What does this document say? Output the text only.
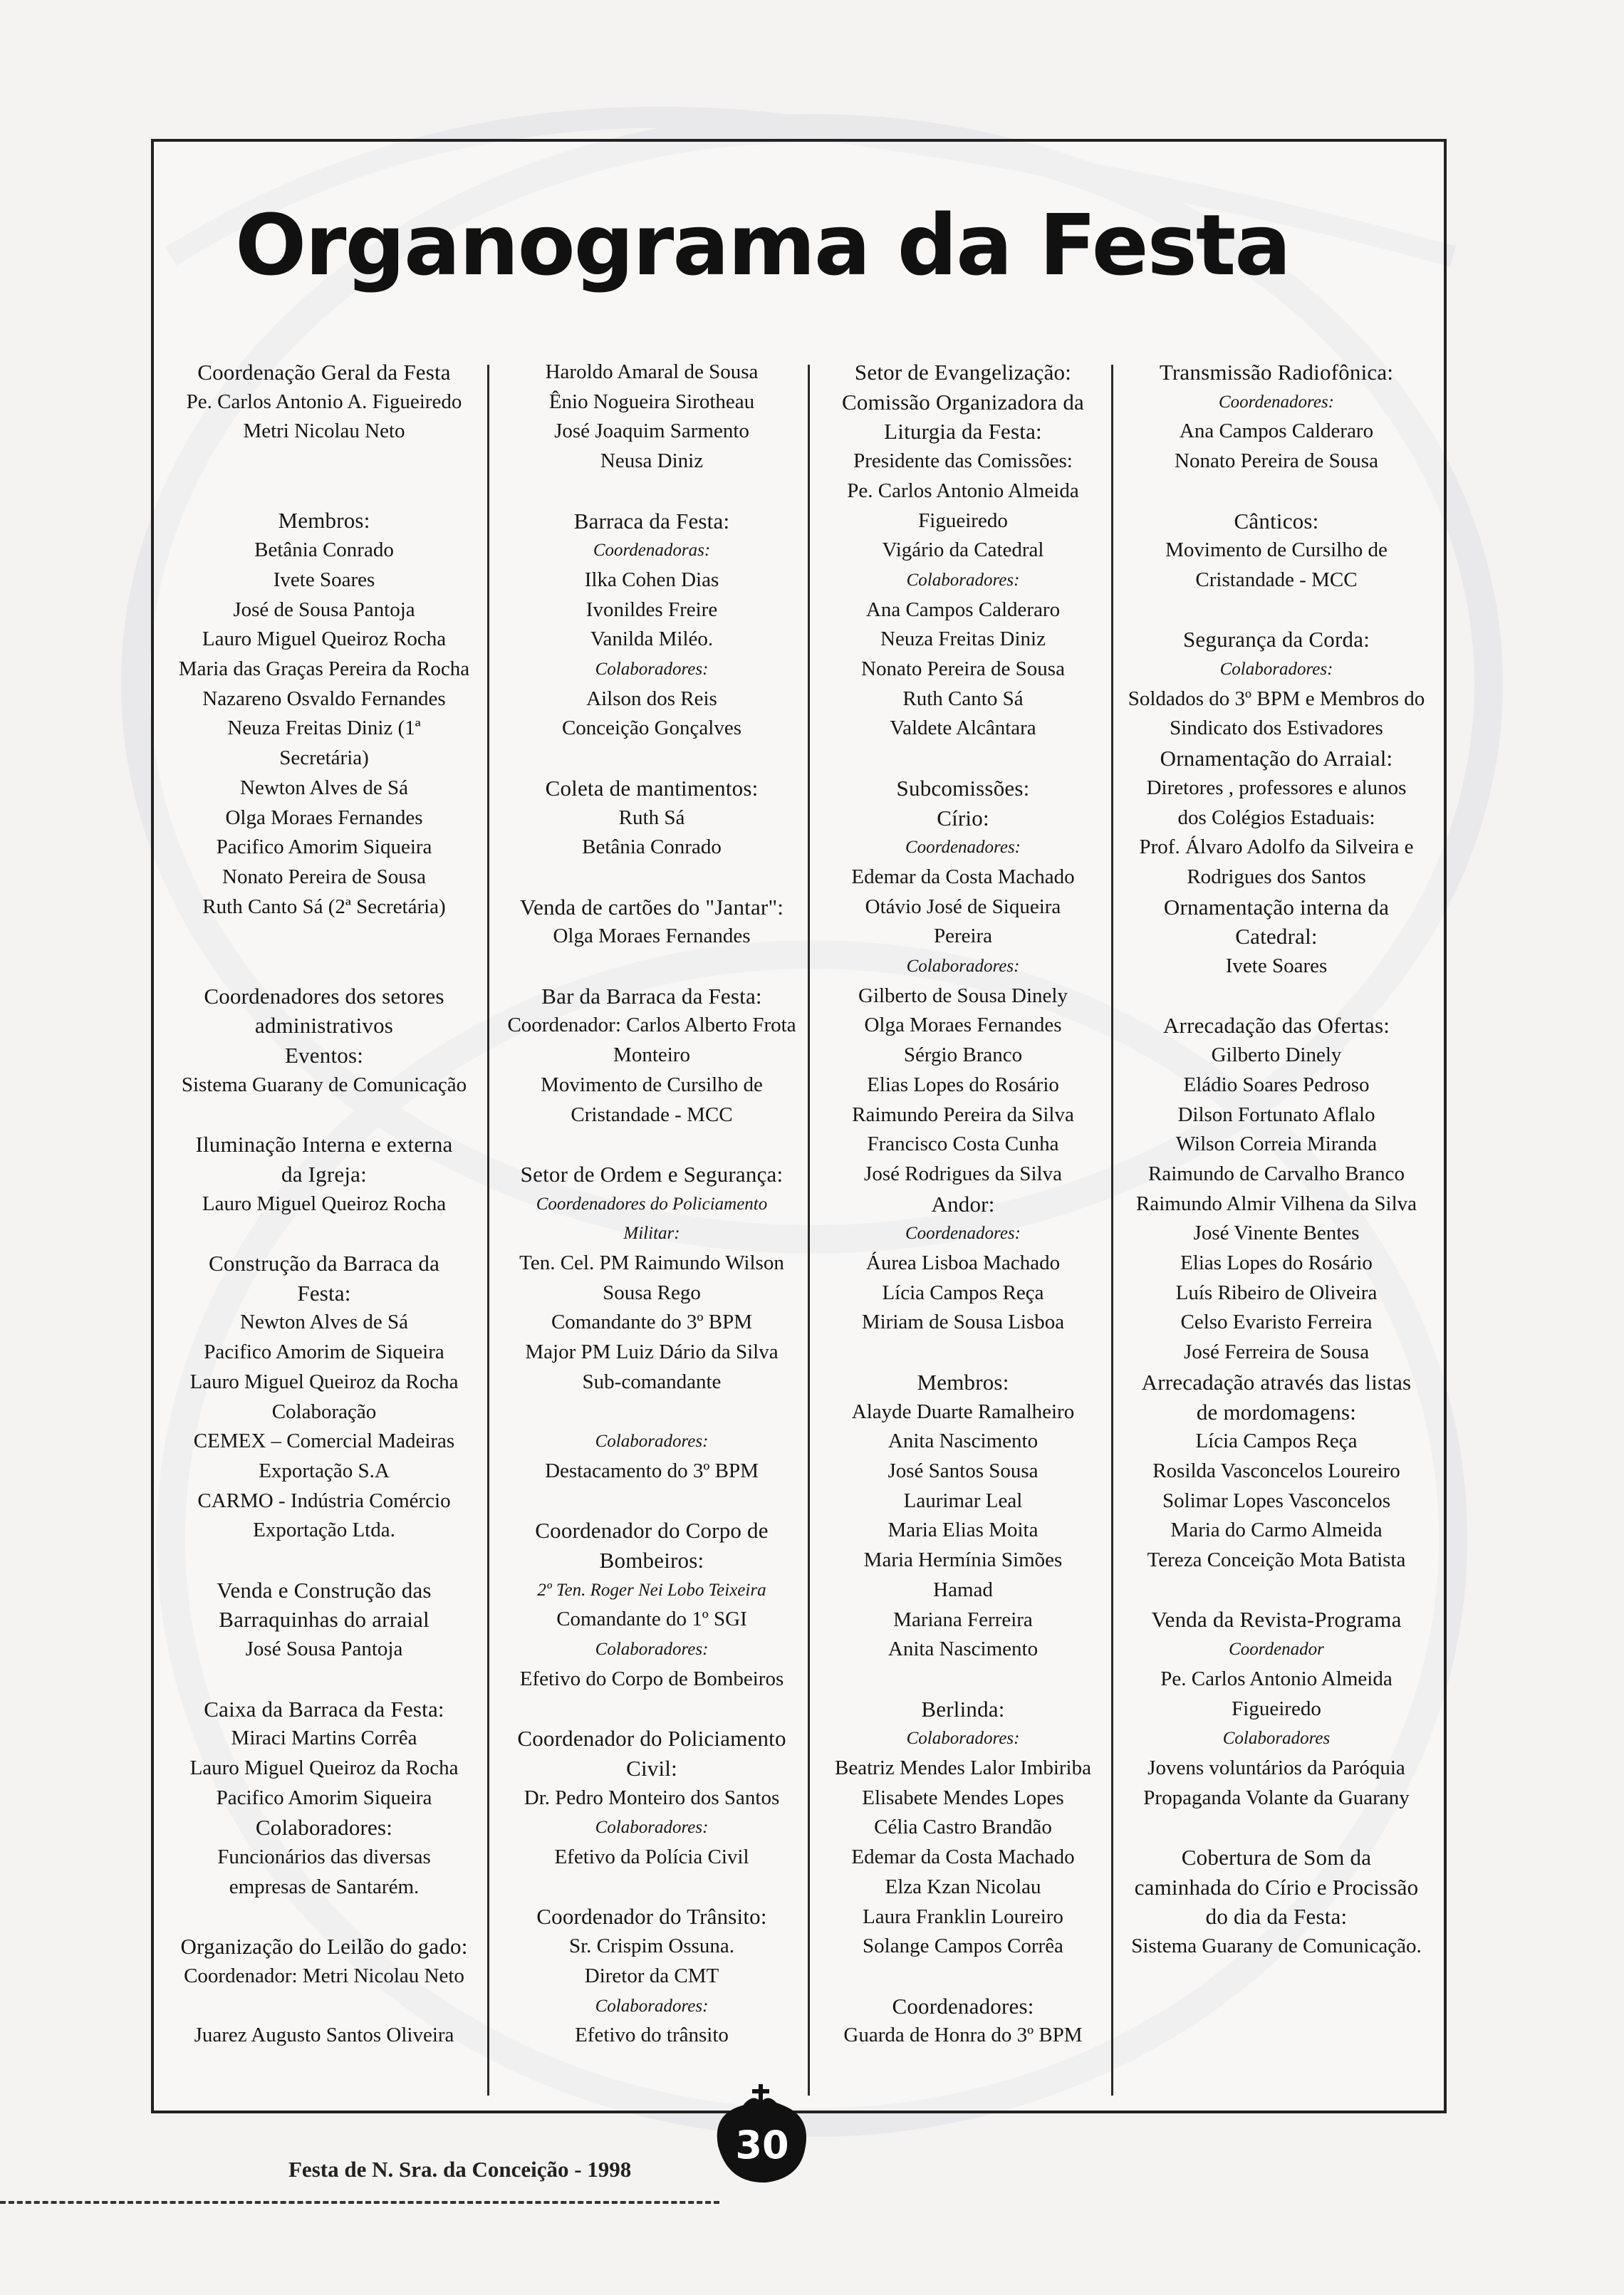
Organograma da Festa
Coordenação Geral da Festa
Pe. Carlos Antonio A. Figueiredo
Metri Nicolau Neto
Membros:
Betânia Conrado
Ivete Soares
José de Sousa Pantoja
Lauro Miguel Queiroz Rocha
Maria das Graças Pereira da Rocha
Nazareno Osvaldo Fernandes
Neuza Freitas Diniz (1ª
Secretária)
Newton Alves de Sá
Olga Moraes Fernandes
Pacifico Amorim Siqueira
Nonato Pereira de Sousa
Ruth Canto Sá (2ª Secretária)
Coordenadores dos setores
administrativos
Eventos:
Sistema Guarany de Comunicação
Iluminação Interna e externa
da Igreja:
Lauro Miguel Queiroz Rocha
Construção da Barraca da
Festa:
Newton Alves de Sá
Pacifico Amorim de Siqueira
Lauro Miguel Queiroz da Rocha
Colaboração
CEMEX – Comercial Madeiras
Exportação S.A
CARMO - Indústria Comércio
Exportação Ltda.
Venda e Construção das
Barraquinhas do arraial
José Sousa Pantoja
Caixa da Barraca da Festa:
Miraci Martins Corrêa
Lauro Miguel Queiroz da Rocha
Pacifico Amorim Siqueira
Colaboradores:
Funcionários das diversas
empresas de Santarém.
Organização do Leilão do gado:
Coordenador: Metri Nicolau Neto
Juarez Augusto Santos Oliveira
Haroldo Amaral de Sousa
Ênio Nogueira Sirotheau
José Joaquim Sarmento
Neusa Diniz
Barraca da Festa:
Coordenadoras:
Ilka Cohen Dias
Ivonildes Freire
Vanilda Miléo.
Colaboradores:
Ailson dos Reis
Conceição Gonçalves
Coleta de mantimentos:
Ruth Sá
Betânia Conrado
Venda de cartões do "Jantar":
Olga Moraes Fernandes
Bar da Barraca da Festa:
Coordenador: Carlos Alberto Frota
Monteiro
Movimento de Cursilho de
Cristandade - MCC
Setor de Ordem e Segurança:
Coordenadores do Policiamento
Militar:
Ten. Cel. PM Raimundo Wilson
Sousa Rego
Comandante do 3º BPM
Major PM Luiz Dário da Silva
Sub-comandante
Colaboradores:
Destacamento do 3º BPM
Coordenador do Corpo de
Bombeiros:
2º Ten. Roger Nei Lobo Teixeira
Comandante do 1º SGI
Colaboradores:
Efetivo do Corpo de Bombeiros
Coordenador do Policiamento
Civil:
Dr. Pedro Monteiro dos Santos
Colaboradores:
Efetivo da Polícia Civil
Coordenador do Trânsito:
Sr. Crispim Ossuna.
Diretor da CMT
Colaboradores:
Efetivo do trânsito
Setor de Evangelização:
Comissão Organizadora da
Liturgia da Festa:
Presidente das Comissões:
Pe. Carlos Antonio Almeida
Figueiredo
Vigário da Catedral
Colaboradores:
Ana Campos Calderaro
Neuza Freitas Diniz
Nonato Pereira de Sousa
Ruth Canto Sá
Valdete Alcântara
Subcomissões:
Círio:
Coordenadores:
Edemar da Costa Machado
Otávio José de Siqueira
Pereira
Colaboradores:
Gilberto de Sousa Dinely
Olga Moraes Fernandes
Sérgio Branco
Elias Lopes do Rosário
Raimundo Pereira da Silva
Francisco Costa Cunha
José Rodrigues da Silva
Andor:
Coordenadores:
Áurea Lisboa Machado
Lícia Campos Reça
Miriam de Sousa Lisboa
Membros:
Alayde Duarte Ramalheiro
Anita Nascimento
José Santos Sousa
Laurimar Leal
Maria Elias Moita
Maria Hermínia Simões
Hamad
Mariana Ferreira
Anita Nascimento
Berlinda:
Colaboradores:
Beatriz Mendes Lalor Imbiriba
Elisabete Mendes Lopes
Célia Castro Brandão
Edemar da Costa Machado
Elza Kzan Nicolau
Laura Franklin Loureiro
Solange Campos Corrêa
Coordenadores:
Guarda de Honra do 3º BPM
Transmissão Radiofônica:
Coordenadores:
Ana Campos Calderaro
Nonato Pereira de Sousa
Cânticos:
Movimento de Cursilho de
Cristandade - MCC
Segurança da Corda:
Colaboradores:
Soldados do 3º BPM e Membros do
Sindicato dos Estivadores
Ornamentação do Arraial:
Diretores , professores e alunos
dos Colégios Estaduais:
Prof. Álvaro Adolfo da Silveira e
Rodrigues dos Santos
Ornamentação interna da
Catedral:
Ivete Soares
Arrecadação das Ofertas:
Gilberto Dinely
Eládio Soares Pedroso
Dilson Fortunato Aflalo
Wilson Correia Miranda
Raimundo de Carvalho Branco
Raimundo Almir Vilhena da Silva
José Vinente Bentes
Elias Lopes do Rosário
Luís Ribeiro de Oliveira
Celso Evaristo Ferreira
José Ferreira de Sousa
Arrecadação através das listas
de mordomagens:
Lícia Campos Reça
Rosilda Vasconcelos Loureiro
Solimar Lopes Vasconcelos
Maria do Carmo Almeida
Tereza Conceição Mota Batista
Venda da Revista-Programa
Coordenador
Pe. Carlos Antonio Almeida
Figueiredo
Colaboradores
Jovens voluntários da Paróquia
Propaganda Volante da Guarany
Cobertura de Som da
caminhada do Círio e Procissão
do dia da Festa:
Sistema Guarany de Comunicação.
Festa de N. Sra. da Conceição - 1998
30
